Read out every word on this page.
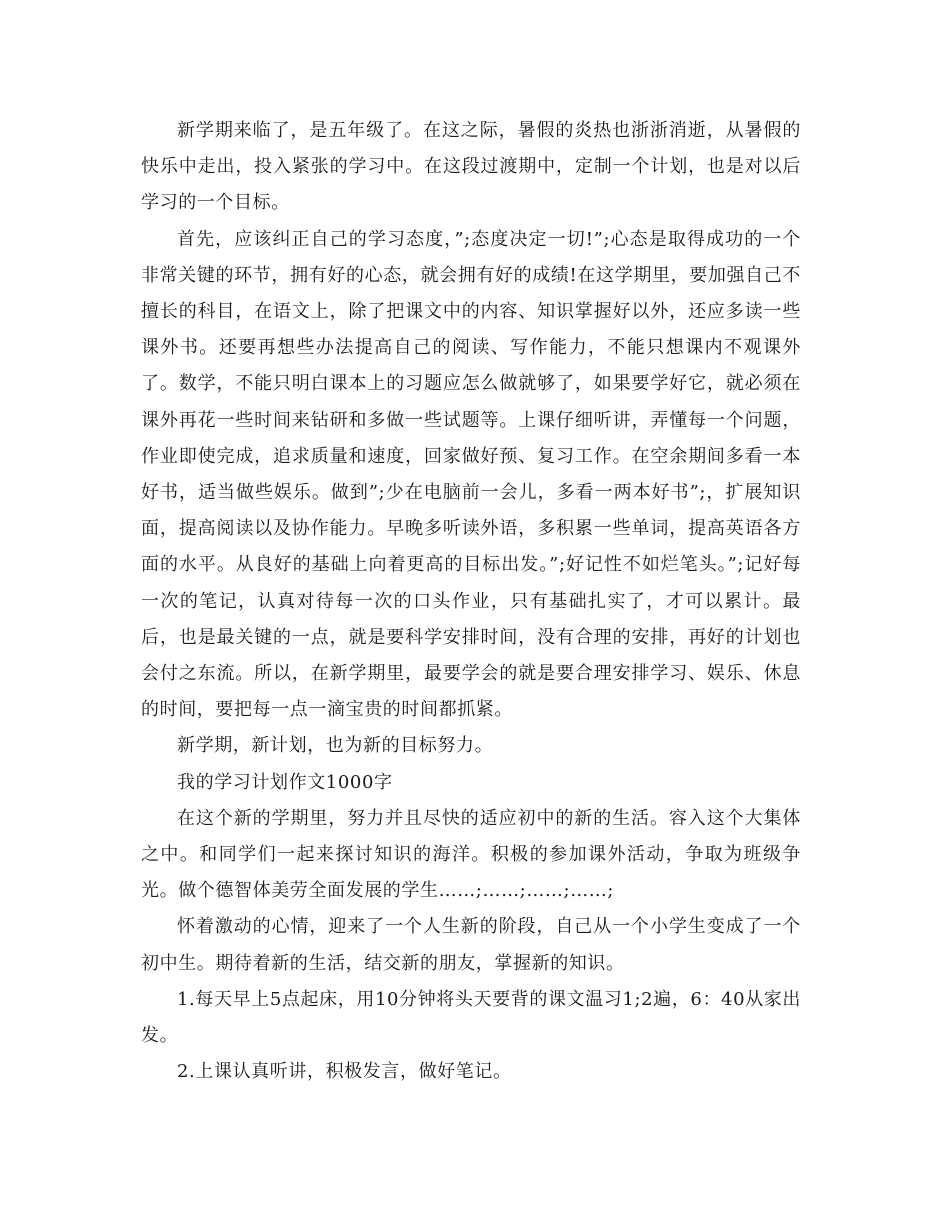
新学期来临了，是五年级了。在这之际，暑假的炎热也浙浙消逝，从暑假的快乐中走出，投入紧张的学习中。在这段过渡期中，定制一个计划，也是对以后学习的一个目标。

首先，应该纠正自己的学习态度，”;态度决定一切!”;心态是取得成功的一个非常关键的环节，拥有好的心态，就会拥有好的成绩!在这学期里，要加强自己不擅长的科目，在语文上，除了把课文中的内容、知识掌握好以外，还应多读一些课外书。还要再想些办法提高自己的阅读、写作能力，不能只想课内不观课外了。数学，不能只明白课本上的习题应怎么做就够了，如果要学好它，就必须在课外再花一些时间来钻研和多做一些试题等。上课仔细听讲，弄懂每一个问题，作业即使完成，追求质量和速度，回家做好预、复习工作。在空余期间多看一本好书，适当做些娱乐。做到”;少在电脑前一会儿，多看一两本好书”;，扩展知识面，提高阅读以及协作能力。早晚多听读外语，多积累一些单词，提高英语各方面的水平。从良好的基础上向着更高的目标出发。”;好记性不如烂笔头。”;记好每一次的笔记，认真对待每一次的口头作业，只有基础扎实了，才可以累计。最后，也是最关键的一点，就是要科学安排时间，没有合理的安排，再好的计划也会付之东流。所以，在新学期里，最要学会的就是要合理安排学习、娱乐、休息的时间，要把每一点一滴宝贵的时间都抓紧。

新学期，新计划，也为新的目标努力。

我的学习计划作文1000字

在这个新的学期里，努力并且尽快的适应初中的新的生活。容入这个大集体之中。和同学们一起来探讨知识的海洋。积极的参加课外活动，争取为班级争光。做个德智体美劳全面发展的学生……;……;……;……;

怀着激动的心情，迎来了一个人生新的阶段，自己从一个小学生变成了一个初中生。期待着新的生活，结交新的朋友，掌握新的知识。

1.每天早上5点起床，用10分钟将头天要背的课文温习1;2遍，6：40从家出发。

2.上课认真听讲，积极发言，做好笔记。
